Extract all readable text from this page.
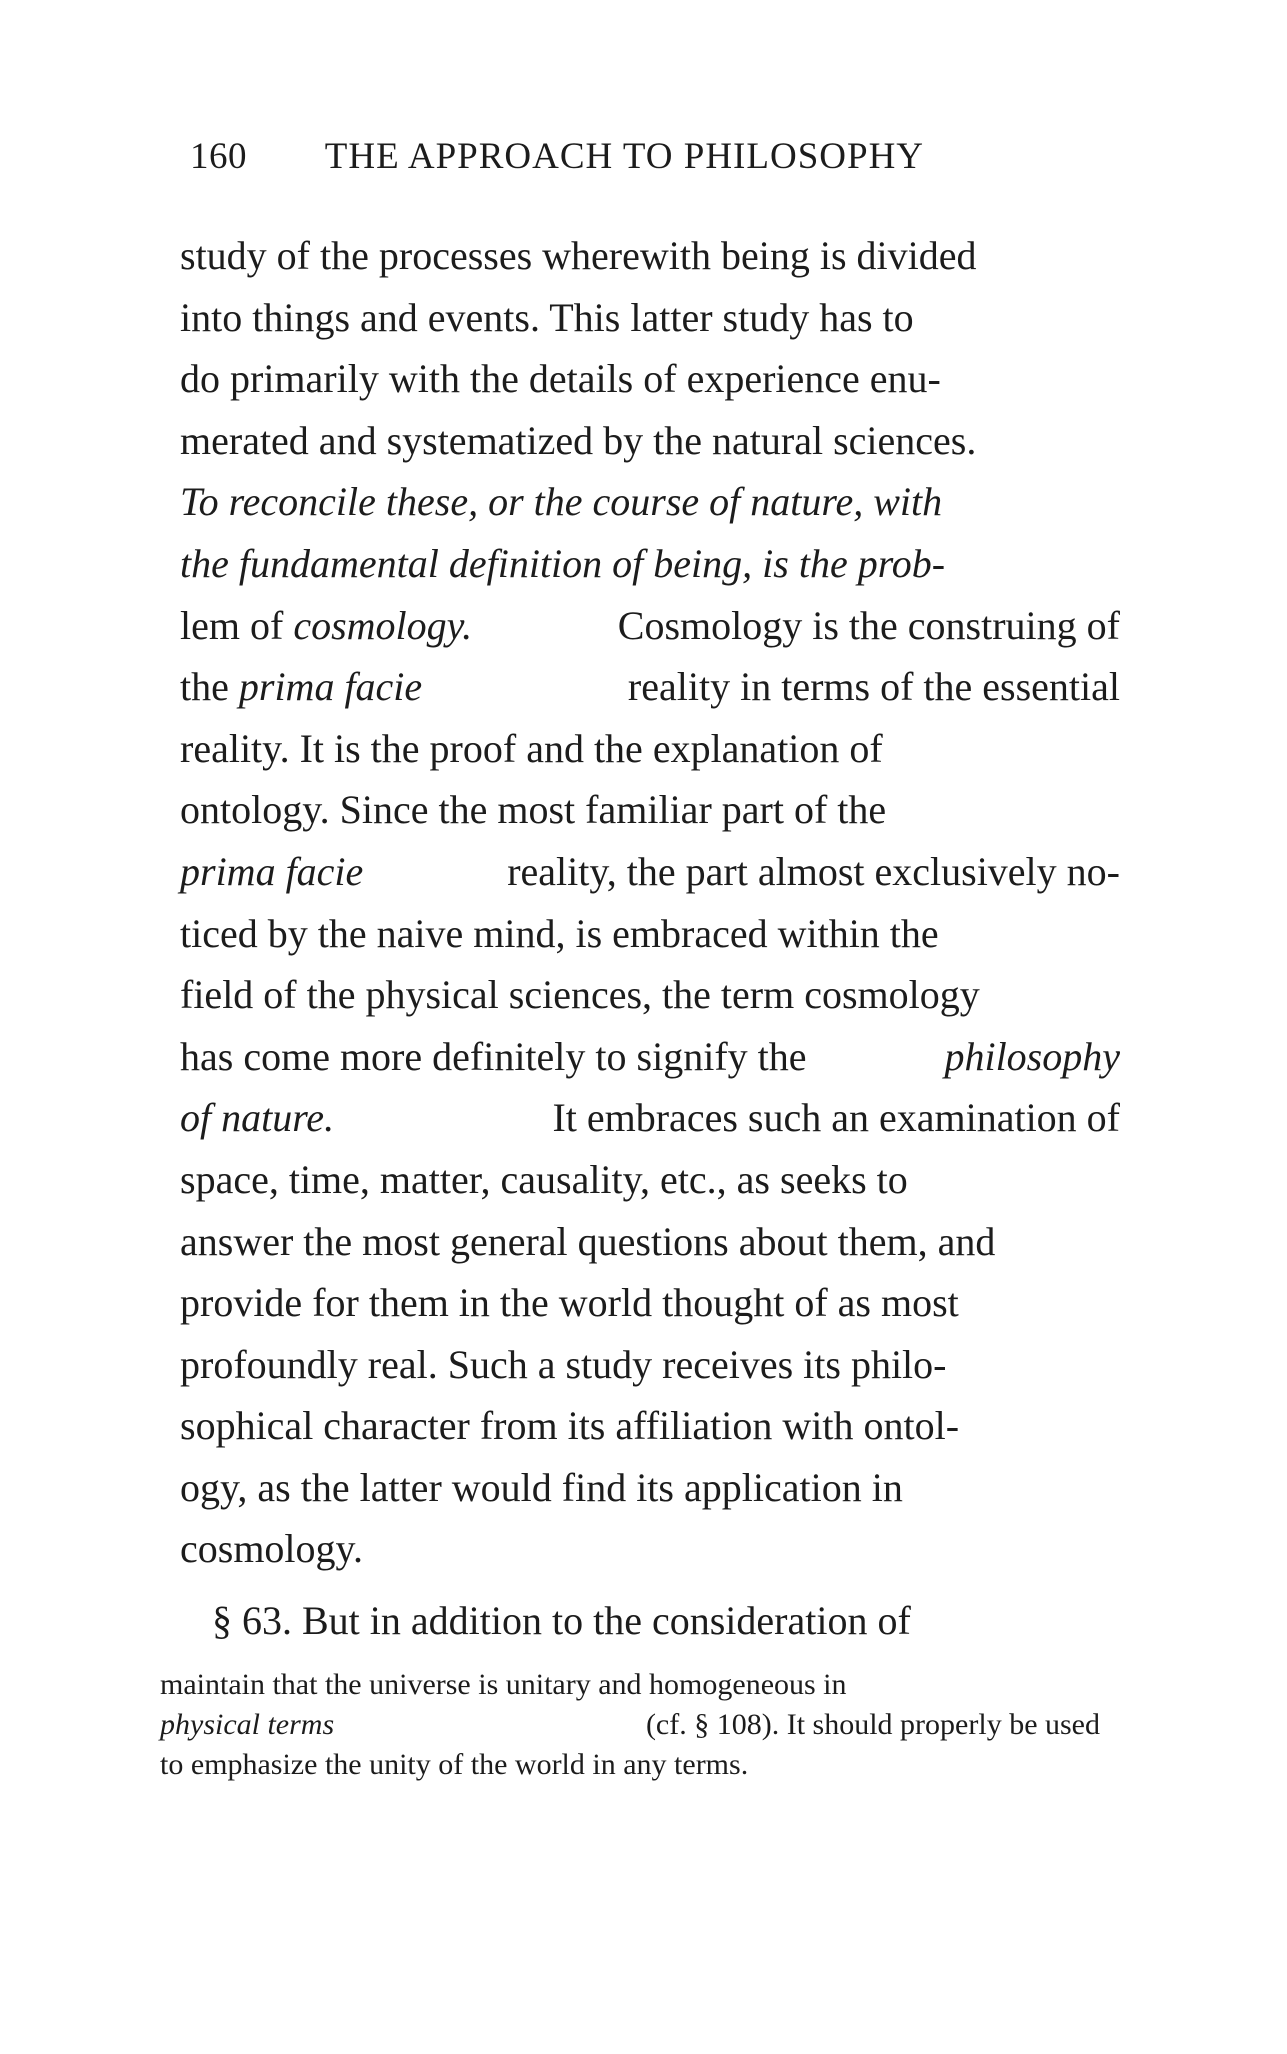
160 THE APPROACH TO PHILOSOPHY
study of the processes wherewith being is divided
into things and events. This latter study has to
do primarily with the details of experience enu-
merated and systematized by the natural sciences.
To reconcile these, or the course of nature, with
the fundamental definition of being, is the prob-
lem of cosmology.	Cosmology is the construing of
the prima facie	reality in terms of the essential
reality. It is the proof and the explanation of
ontology. Since the most familiar part of the
prima facie	reality, the part almost exclusively no-
ticed by the naive mind, is embraced within the
field of the physical sciences, the term cosmology
has come more definitely to signify the	philosophy
of nature.	It embraces such an examination of
space, time, matter, causality, etc., as seeks to
answer the most general questions about them, and
provide for them in the world thought of as most
profoundly real. Such a study receives its philo-
sophical character from its affiliation with ontol-
ogy, as the latter would find its application in
cosmology.
§ 63. But in addition to the consideration of
maintain that the universe is unitary and homogeneous in
physical terms	(cf. § 108). It should properly be used
to emphasize the unity of the world in any terms.
